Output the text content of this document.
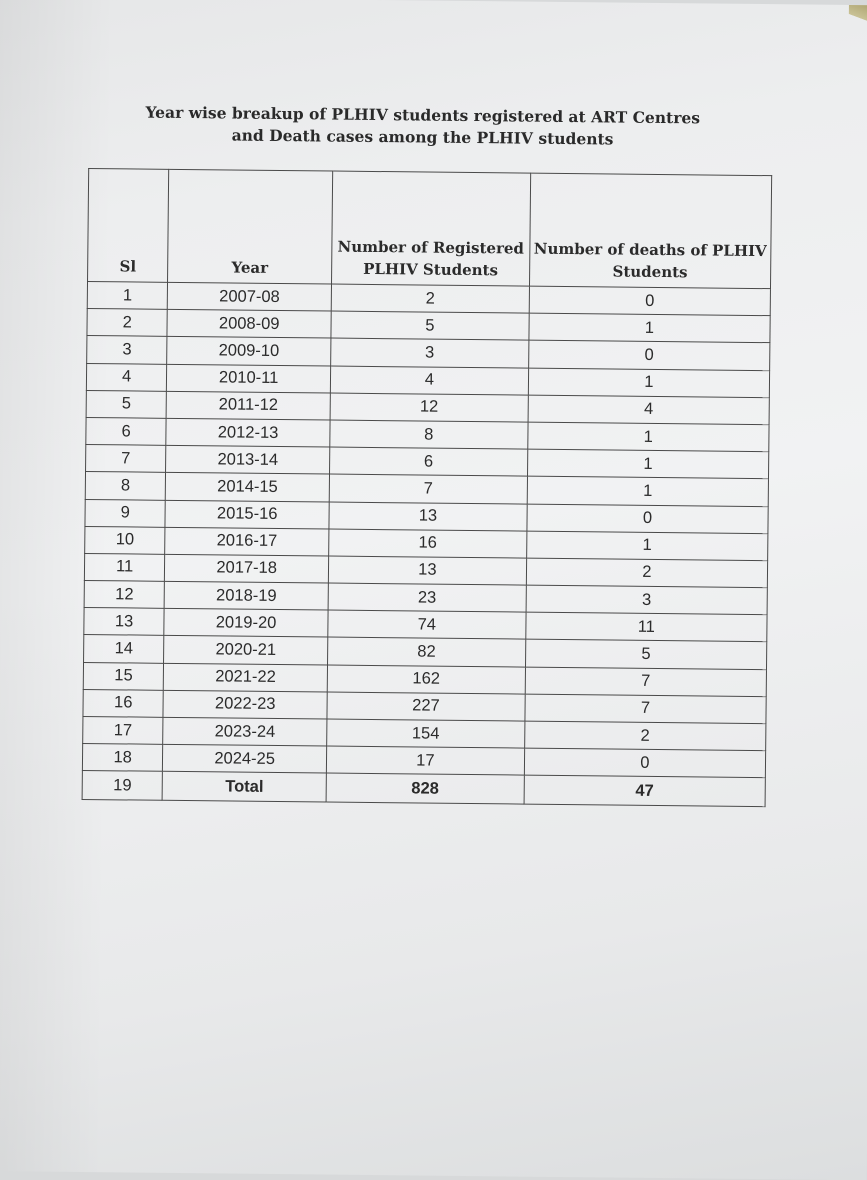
Year wise breakup of PLHIV students registered at ART Centres
and Death cases among the PLHIV students
Sl	Year	Number of Registered PLHIV Students	Number of deaths of PLHIV Students
1	2007-08	2	0
2	2008-09	5	1
3	2009-10	3	0
4	2010-11	4	1
5	2011-12	12	4
6	2012-13	8	1
7	2013-14	6	1
8	2014-15	7	1
9	2015-16	13	0
10	2016-17	16	1
11	2017-18	13	2
12	2018-19	23	3
13	2019-20	74	11
14	2020-21	82	5
15	2021-22	162	7
16	2022-23	227	7
17	2023-24	154	2
18	2024-25	17	0
19	Total	828	47
